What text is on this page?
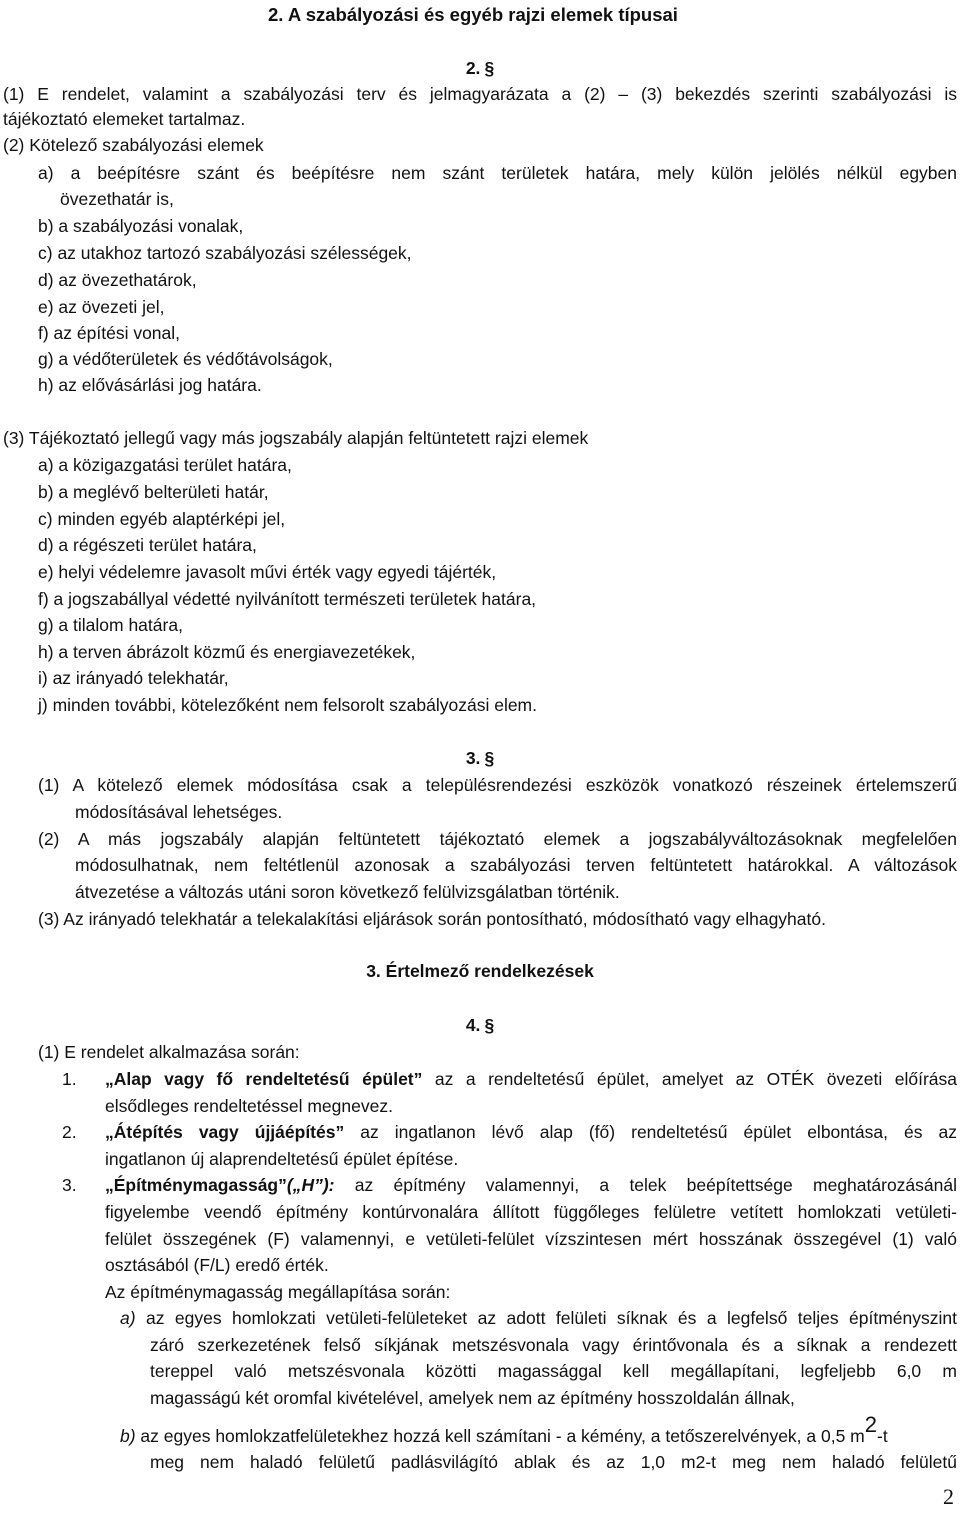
2. A szabályozási és egyéb rajzi elemek típusai
2. §
(1) E rendelet, valamint a szabályozási terv és jelmagyarázata a (2) – (3) bekezdés szerinti szabályozási is
tájékoztató elemeket tartalmaz.
(2) Kötelező szabályozási elemek
a) a beépítésre szánt és beépítésre nem szánt területek határa, mely külön jelölés nélkül egyben
övezethatár is,
b) a szabályozási vonalak,
c) az utakhoz tartozó szabályozási szélességek,
d) az övezethatárok,
e) az övezeti jel,
f) az építési vonal,
g) a védőterületek és védőtávolságok,
h) az elővásárlási jog határa.
(3) Tájékoztató jellegű vagy más jogszabály alapján feltüntetett rajzi elemek
a) a közigazgatási terület határa,
b) a meglévő belterületi határ,
c) minden egyéb alaptérképi jel,
d) a régészeti terület határa,
e) helyi védelemre javasolt művi érték vagy egyedi tájérték,
f) a jogszabállyal védetté nyilvánított természeti területek határa,
g) a tilalom határa,
h) a terven ábrázolt közmű és energiavezetékek,
i) az irányadó telekhatár,
j) minden további, kötelezőként nem felsorolt szabályozási elem.
3. §
(1) A kötelező elemek módosítása csak a településrendezési eszközök vonatkozó részeinek értelemszerű
módosításával lehetséges.
(2) A más jogszabály alapján feltüntetett tájékoztató elemek a jogszabályváltozásoknak megfelelően
módosulhatnak, nem feltétlenül azonosak a szabályozási terven feltüntetett határokkal. A változások
átvezetése a változás utáni soron következő felülvizsgálatban történik.
(3) Az irányadó telekhatár a telekalakítási eljárások során pontosítható, módosítható vagy elhagyható.
3. Értelmező rendelkezések
4. §
(1) E rendelet alkalmazása során:
1. „Alap vagy fő rendeltetésű épület” az a rendeltetésű épület, amelyet az OTÉK övezeti előírása
elsődleges rendeltetéssel megnevez.
2. „Átépítés vagy újjáépítés” az ingatlanon lévő alap (fő) rendeltetésű épület elbontása, és az
ingatlanon új alaprendeltetésű épület építése.
3. „Építménymagasság”(„H”): az építmény valamennyi, a telek beépítettsége meghatározásánál
figyelembe veendő építmény kontúrvonalára állított függőleges felületre vetített homlokzati vetületi-
felület összegének (F) valamennyi, e vetületi-felület vízszintesen mért hosszának összegével (1) való
osztásából (F/L) eredő érték.
Az építménymagasság megállapítása során:
a) az egyes homlokzati vetületi-felületeket az adott felületi síknak és a legfelső teljes építményszint
záró szerkezetének felső síkjának metszésvonala vagy érintővonala és a síknak a rendezett
tereppel való metszésvonala közötti magassággal kell megállapítani, legfeljebb 6,0 m
magasságú két oromfal kivételével, amelyek nem az építmény hosszoldalán állnak,
b) az egyes homlokzatfelületekhez hozzá kell számítani - a kémény, a tetőszerelvények, a 0,5 m2-t
meg nem haladó felületű padlásvilágító ablak és az 1,0 m2-t meg nem haladó felületű
2
